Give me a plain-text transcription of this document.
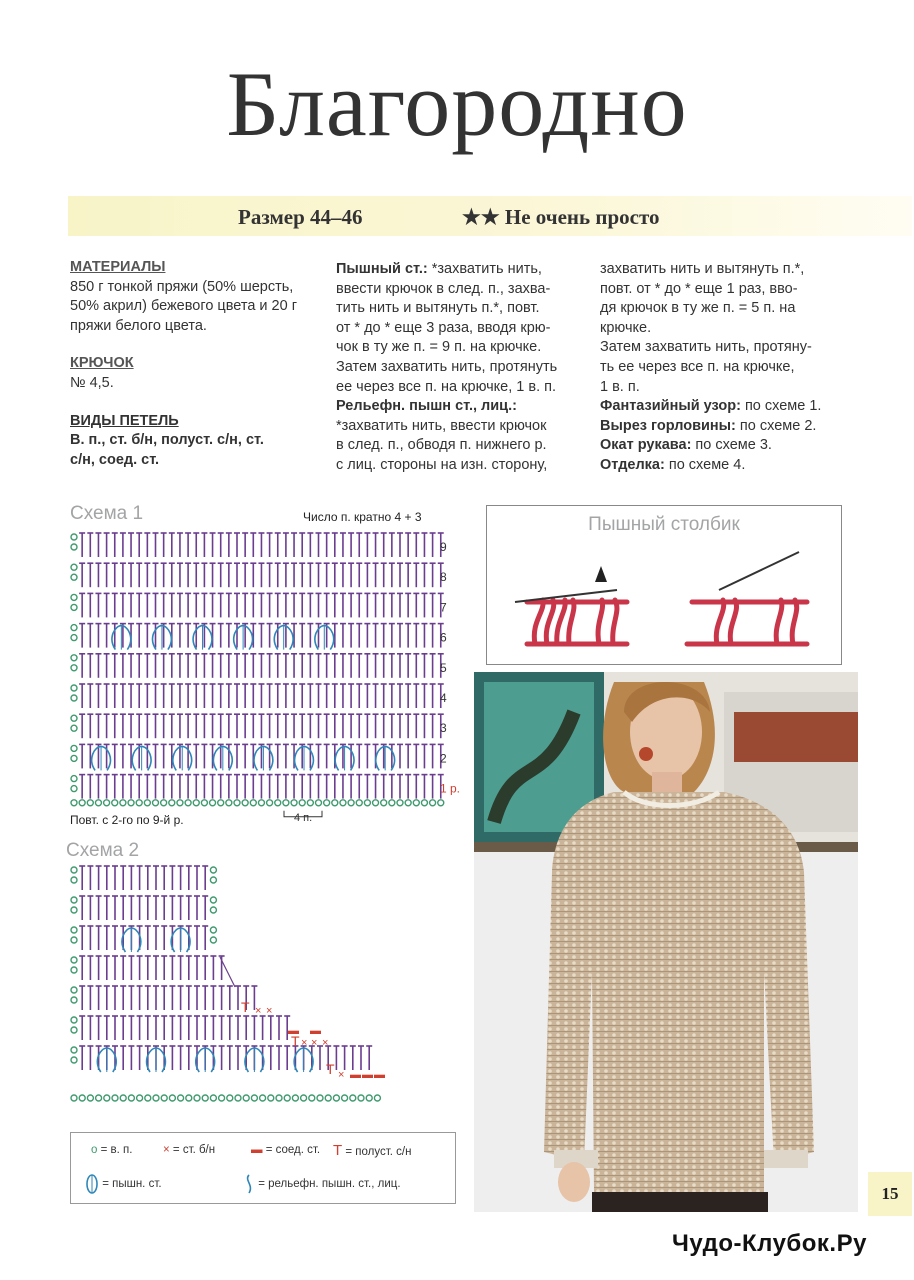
Благородно
Размер 44–46	★★ Не очень просто
МАТЕРИАЛЫ
850 г тонкой пряжи (50% шерсть,
50% акрил) бежевого цвета и 20 г
пряжи белого цвета.
КРЮЧОК
№ 4,5.
ВИДЫ ПЕТЕЛЬ
В. п., ст. б/н, полуст. с/н, ст.
с/н, соед. ст.
Пышный ст.: *захватить нить,
ввести крючок в след. п., захва-
тить нить и вытянуть п.*, повт.
от * до * еще 3 раза, вводя крю-
чок в ту же п. = 9 п. на крючке.
Затем захватить нить, протянуть
ее через все п. на крючке, 1 в. п.
Рельефн. пышн ст., лиц.:
*захватить нить, ввести крючок
в след. п., обводя п. нижнего р.
с лиц. стороны на изн. сторону,
захватить нить и вытянуть п.*,
повт. от * до * еще 1 раз, вво-
дя крючок в ту же п. = 5 п. на
крючке.
Затем захватить нить, протяну-
ть ее через все п. на крючке,
1 в. п.
Фантазийный узор: по схеме 1.
Вырез горловины: по схеме 2.
Окат рукава: по схеме 3.
Отделка: по схеме 4.
Схема 1	Число п. кратно 4 + 3
9
8
7
6
5
4
3
2
1 р.
4 п.
Повт. с 2-го по 9-й р.
Схема 2
T × ×
▬
T × ×
▬
×
T × ▬ ▬ ▬
o = в. п.	× = ст. б/н	▬ = соед. ст. T = полуст. с/н
= пышн. ст.	= рельефн. пышн. ст., лиц.
Пышный столбик
15
Чудо-Клубок.Ру
